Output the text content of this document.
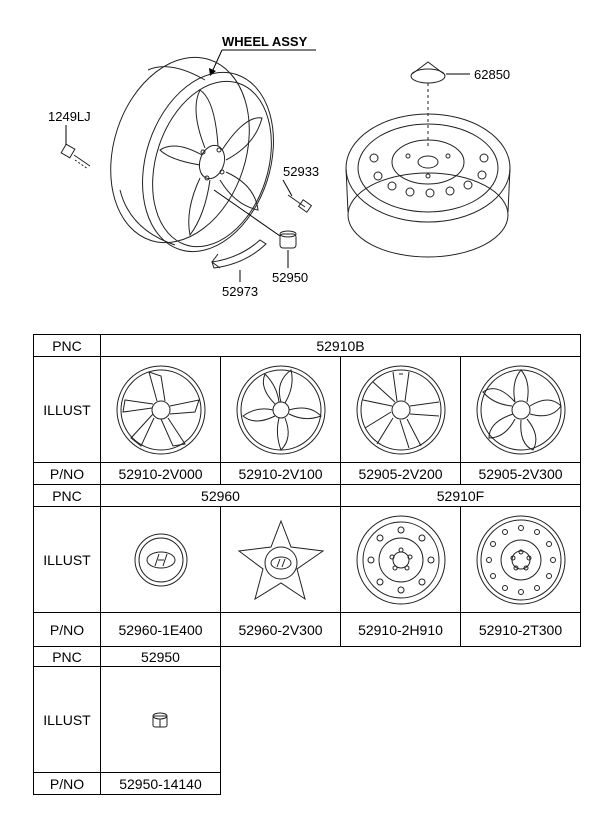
WHEEL ASSY
1249LJ
52933
52950
52973
62850
PNC	52910B			
ILLUST	

P/NO	52910-2V000	52910-2V100	52905-2V200	52905-2V300
PNC	52960		52910F	
ILLUST	

P/NO	52960-1E400	52960-2V300	52910-2H910	52910-2T300
PNC	52950
ILLUST	

P/NO	52950-14140
